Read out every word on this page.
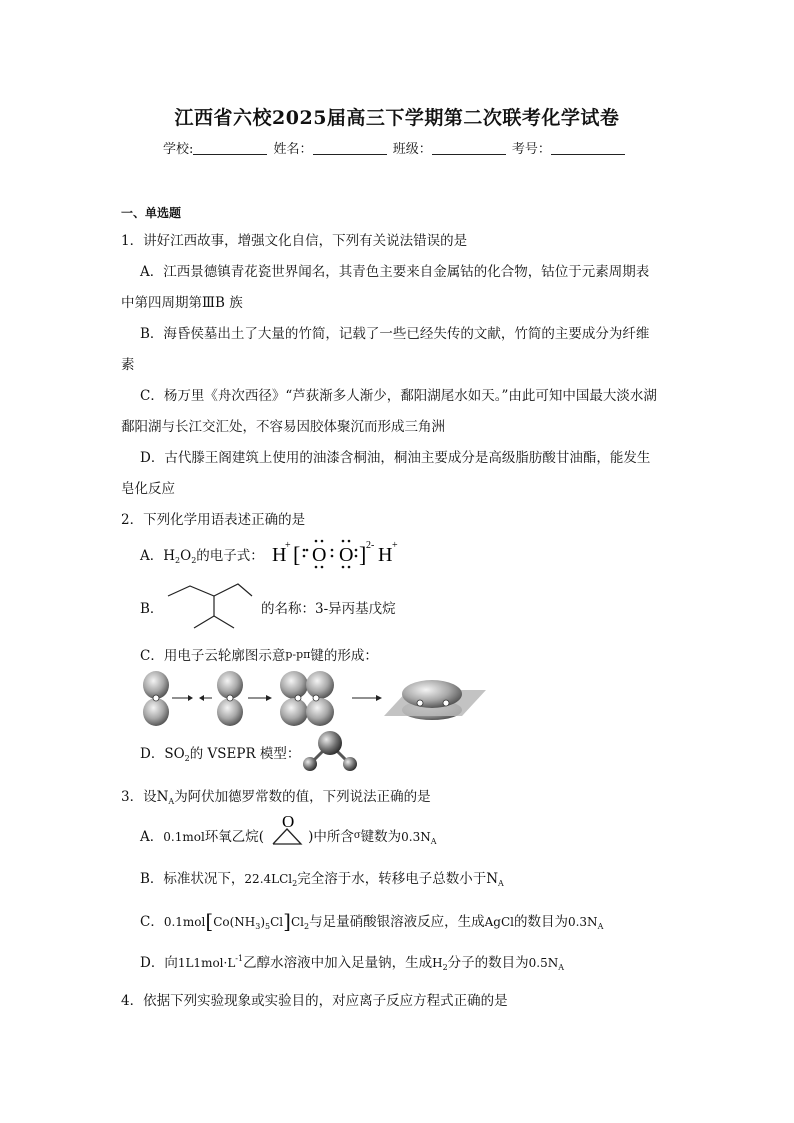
江西省六校2025届高三下学期第二次联考化学试卷
学校:	姓名：	班级：	考号：
一、单选题
1．讲好江西故事，增强文化自信，下列有关说法错误的是
A．江西景德镇青花瓷世界闻名，其青色主要来自金属钴的化合物，钴位于元素周期表
中第四周期第ⅢB 族
B．海昏侯墓出土了大量的竹简，记载了一些已经失传的文献，竹简的主要成分为纤维
素
C．杨万里《舟次西径》“芦荻渐多人渐少，鄱阳湖尾水如天。”由此可知中国最大淡水湖
鄱阳湖与长江交汇处，不容易因胶体聚沉而形成三角洲
D．古代滕王阁建筑上使用的油漆含桐油，桐油主要成分是高级脂肪酸甘油酯，能发生
皂化反应
2．下列化学用语表述正确的是
A．$H_2O_2$的电子式： H
+ [ O O ] 2- H +
B．	的名称：3-异丙基戊烷
C．用电子云轮廓图示意p-pπ键的形成：
D．$SO_2$的 VSEPR 模型：
3．设$N_A$为阿伏加德罗常数的值，下列说法正确的是
A．0.1mol环氧乙烷(	)中所含$^\sigma$键数为$0.3N_A$
O
B．标准状况下，22.4LCl$_2$完全溶于水，转移电子总数小于$N_A$
C．$0.1mol[Co(NH_3)_5Cl]Cl_2$与足量硝酸银溶液反应，生成AgCl的数目为$0.3N_A$
D．向$1L1mol\cdot L^{-1}$乙醇水溶液中加入足量钠，生成$H_2$分子的数目为$0.5N_A$
4．依据下列实验现象或实验目的，对应离子反应方程式正确的是
